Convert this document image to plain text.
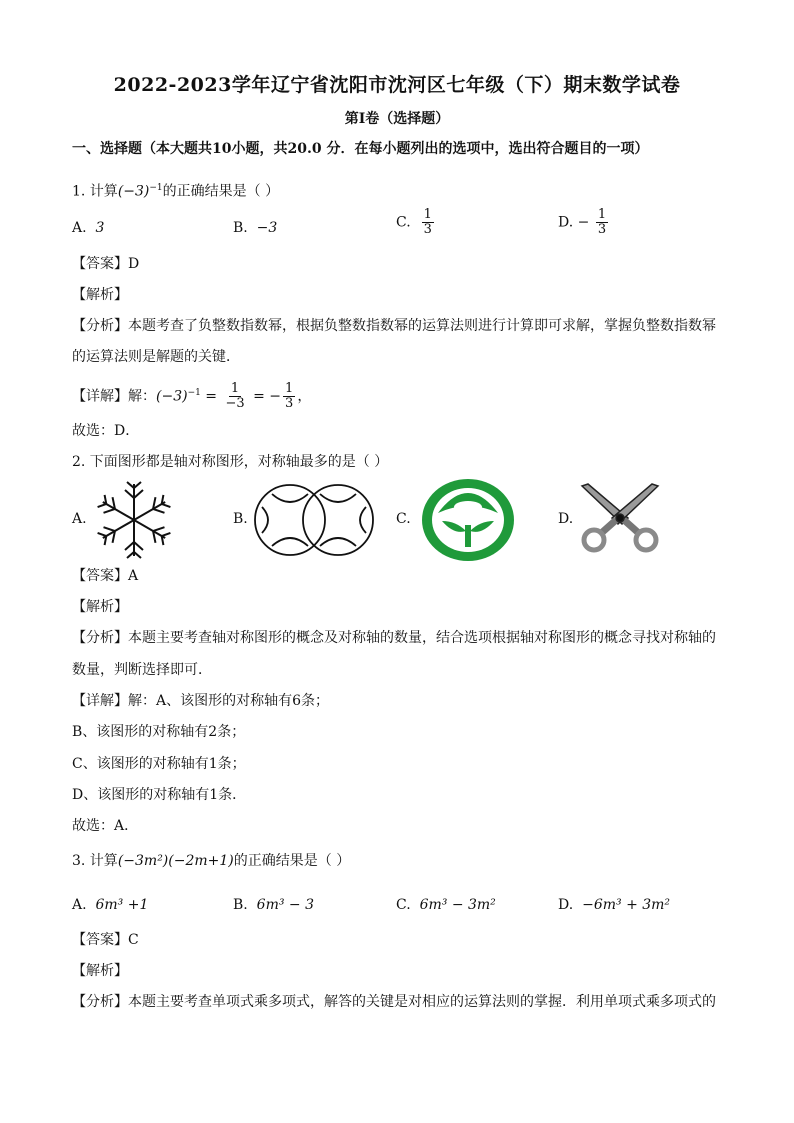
2022-2023学年辽宁省沈阳市沈河区七年级（下）期末数学试卷
第I卷（选择题）
一、选择题（本大题共10小题，共20.0 分．在每小题列出的选项中，选出符合题目的一项）
1. 计算$(-3)^{-1}$的正确结果是（ ）
A. 3	B. −3	C. $\frac{1}{3}$	D. − $\frac{1}{3}$
【答案】D
【解析】
【分析】本题考查了负整数指数幂，根据负整数指数幂的运算法则进行计算即可求解，掌握负整数指数幂
的运算法则是解题的关键．
【详解】解：$(-3)^{-1} = \frac{1}{-3}$ = − $\frac{1}{3}$ ，
故选：D．
2. 下面图形都是轴对称图形，对称轴最多的是（ ）
A.	B.	C.	D.
【答案】A
【解析】
【分析】本题主要考查轴对称图形的概念及对称轴的数量，结合选项根据轴对称图形的概念寻找对称轴的
数量，判断选择即可．
【详解】解：A、该图形的对称轴有6条；
B、该图形的对称轴有2条；
C、该图形的对称轴有1条；
D、该图形的对称轴有1条．
故选：A．
3. 计算(−3m²)(−2m+1)的正确结果是（ ）
A. 6m³ +1	B. 6m³ − 3	C. 6m³ − 3m²	D. −6m³ + 3m²
【答案】C
【解析】
【分析】本题主要考查单项式乘多项式，解答的关键是对相应的运算法则的掌握．利用单项式乘多项式的
